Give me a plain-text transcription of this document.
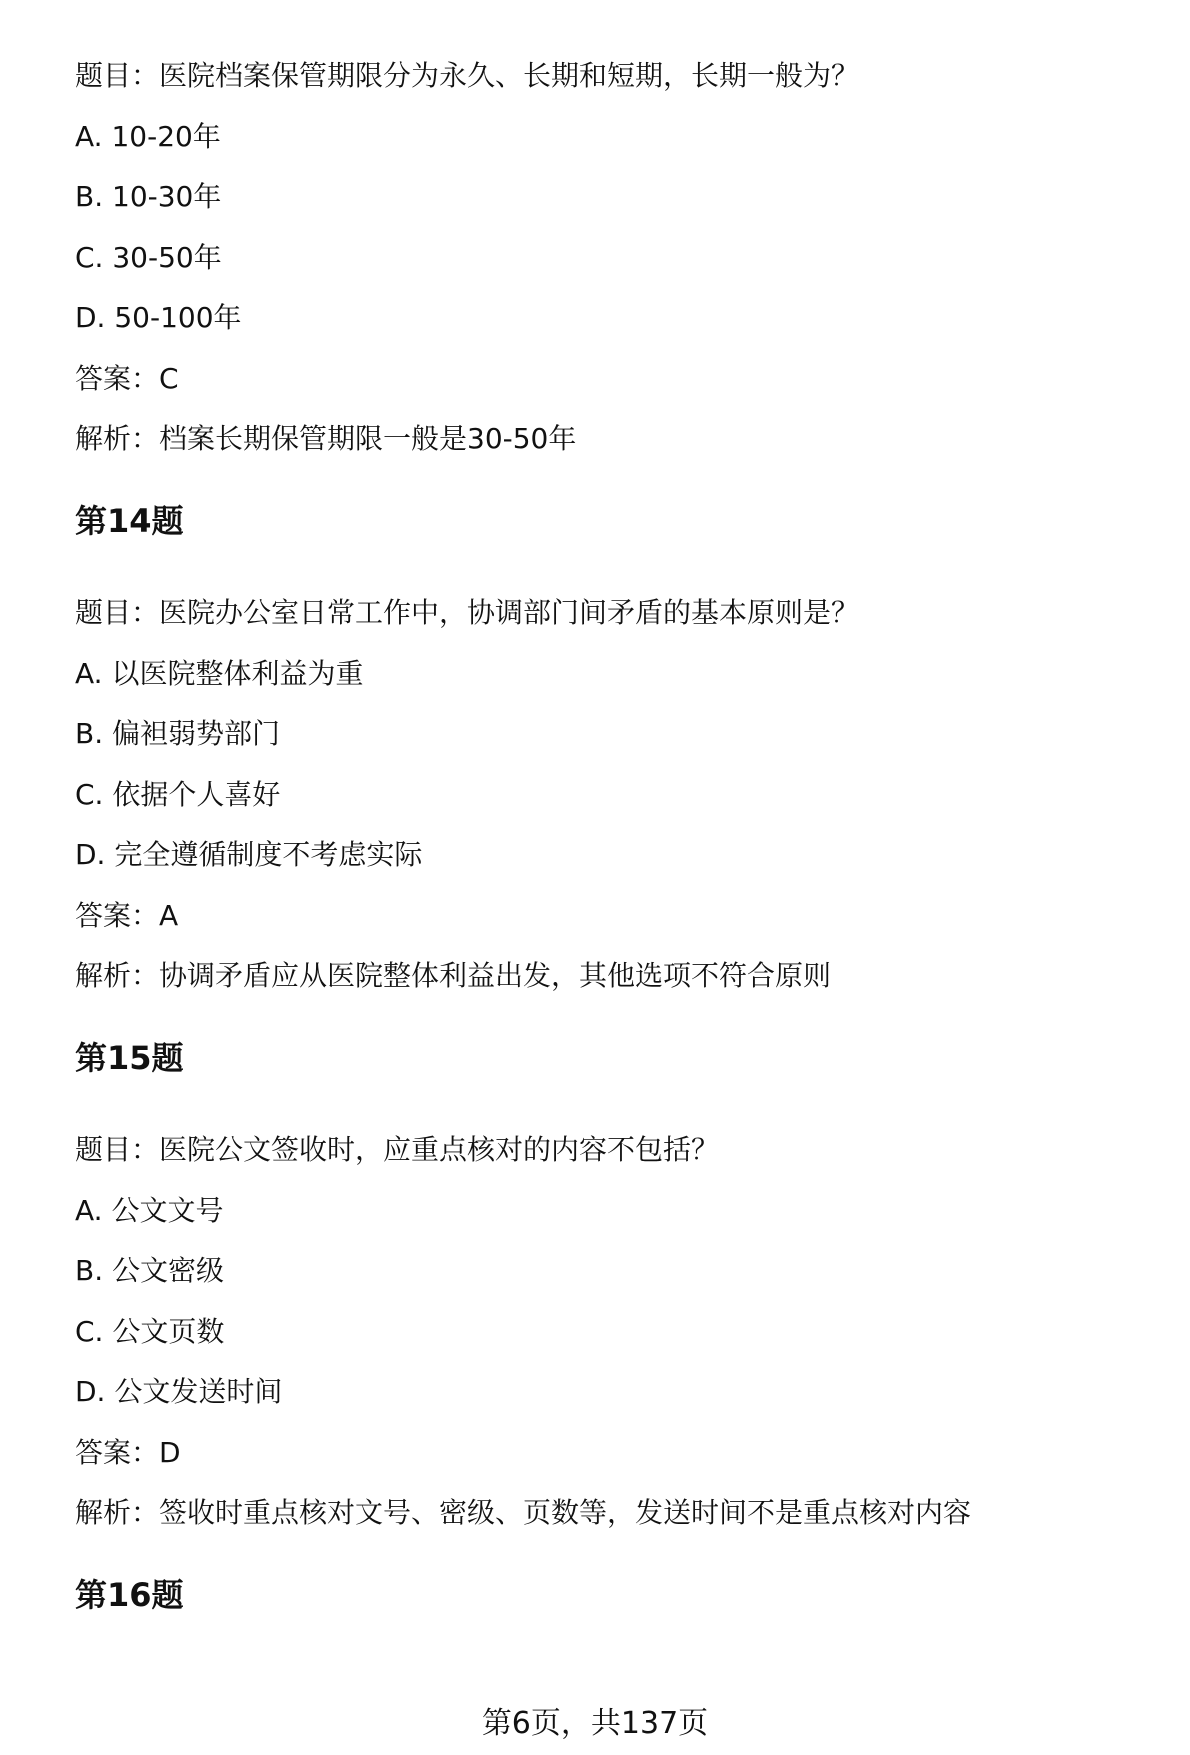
题目：医院档案保管期限分为永久、长期和短期，长期一般为？
A. 10-20年
B. 10-30年
C. 30-50年
D. 50-100年
答案：C
解析：档案长期保管期限一般是30-50年
第14题
题目：医院办公室日常工作中，协调部门间矛盾的基本原则是？
A. 以医院整体利益为重
B. 偏袒弱势部门
C. 依据个人喜好
D. 完全遵循制度不考虑实际
答案：A
解析：协调矛盾应从医院整体利益出发，其他选项不符合原则
第15题
题目：医院公文签收时，应重点核对的内容不包括？
A. 公文文号
B. 公文密级
C. 公文页数
D. 公文发送时间
答案：D
解析：签收时重点核对文号、密级、页数等，发送时间不是重点核对内容
第16题
第6页，共137页
